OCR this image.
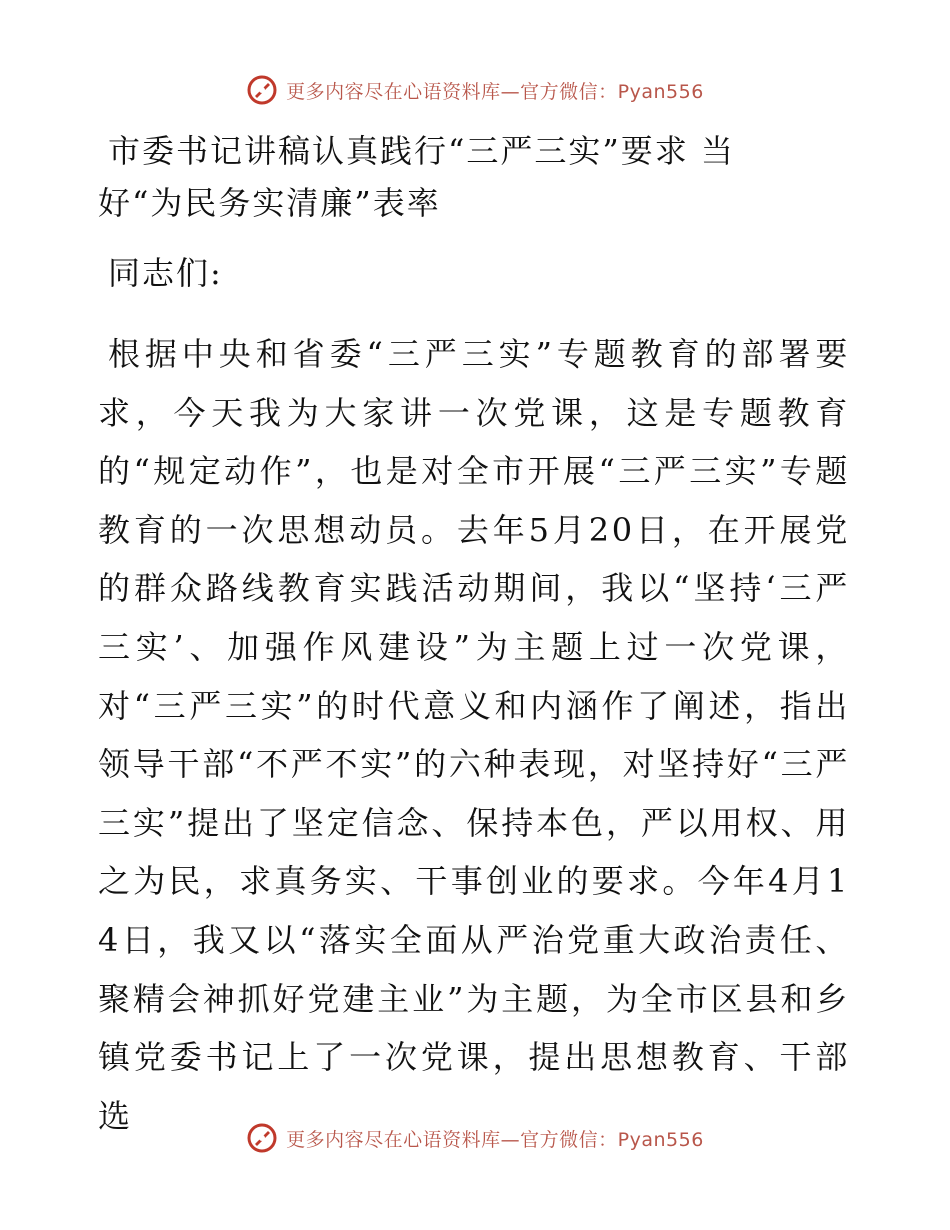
更多内容尽在心语资料库—官方微信：Pyan556
市委书记讲稿认真践行“三严三实”要求 当
好“为民务实清廉”表率
同志们:
根据中央和省委“三严三实”专题教育的部署要求，今天我为大家讲一次党课，这是专题教育的“规定动作”，也是对全市开展“三严三实”专题教育的一次思想动员。去年5月20日，在开展党的群众路线教育实践活动期间，我以“坚持‘三严三实’、加强作风建设”为主题上过一次党课，对“三严三实”的时代意义和内涵作了阐述，指出领导干部“不严不实”的六种表现，对坚持好“三严三实”提出了坚定信念、保持本色，严以用权、用之为民，求真务实、干事创业的要求。今年4月14日，我又以“落实全面从严治党重大政治责任、聚精会神抓好党建主业”为主题，为全市区县和乡镇党委书记上了一次党课，提出思想教育、干部选
更多内容尽在心语资料库—官方微信：Pyan556
